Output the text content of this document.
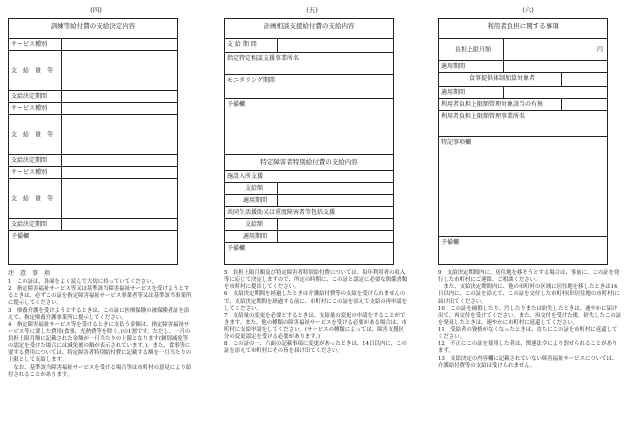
(四)	(五)	(六)
訓練等給付費の支給決定内容
サービス種別
支　給　量　等
支給決定期間
サービス種別
支　給　量　等
支給決定期間
サービス種別
支　給　量　等
支給決定期間
予備欄
計画相談支援給付費の支給内容
支 給 期 間
指定特定相談支援事業所名
モニタリング期間
予備欄
特定障害者特別給付費の支給内容
施設入所支援
支給額
適用期間
共同生活援助又は重度障害者等包括支援
支給額
適用期間
予備欄
利用者負担に関する事項
負担上限月額	円
適用期間
食事提供体制加算対象者
適用期間
利用者負担上限額管理対象該当の有無
利用者負担上限額管理事業所名
特記事項欄
予備欄
注　意　事　項

1　この証は、各面をよく読んで大切に持っていてください。

2　指定障害福祉サービス等又は基準該当障害福祉サービスを受けようとするときは、必ずこの証を指定障害福祉サービス事業者等又は基準該当事業所に提示してください。

3　療養介護を受けようとするときは、この証に医療保険の被保険者証を添えて、指定療養介護事業所に提示してください。

4　指定障害福祉サービス等を受けるときに支払う金額は、指定障害福祉サービス等に要した費用(食事、光熱費等を除く。)の1割です。ただし、一月の負担上限月額に記載された金額が一月当たりの上限となります(個別減免等の認定を受けた場合には減免後の額が表示されています。)。また、食事等に要する費用については、特定障害者特別給付費に記載する額を一月当たりの上限として支給します。

　なお、基準該当障害福祉サービスを受ける場合等は市町村の意見により給付されることがあります。

5　負担上限月額及び特定障害者特別給付費については、毎年利用者の収入等に応じて決定しますので、所定の時期に、この証と認定に必要な関係書類を市町村に提出してください。

6　支給決定期間を経過したときは介護給付費等の支給を受けられませんので、支給決定期間を経過する前に、市町村にこの証を添えて支給の再申請をしてください。

7　支給量の変更を必要とするときは、支給量の変更の申請をすることができます。また、他の種類の障害福祉サービスを受ける必要がある場合は、市町村に支給申請をしてください。(サービスの種類によっては、障害支援区分の変更認定を受ける必要があります。)

8　この証の一、六面の記載事項に変更があったときは、14日以内に、この証を添えて市町村にその旨を届け出てください。

9　支給決定期間内に、居住地を移そうとする場合は、事前に、この証を発行した市町村にご連絡、ご相談ください。

　また、支給決定期間内に、他の市町村の区域に居住地を移したときは14日以内に、この証を添えて、この証を交付した市町村(旧居住地の市町村)に届け出てください。

10　この証を破損したり、汚したりまたは紛失したときは、速やかに届け出て、再交付を受けてください。また、再交付を受けた後、紛失したこの証を発見したときは、速やかに市町村に返還してください。

11　受給者の資格がなくなったときは、直ちにこの証を市町村に返還してください。

12　不正にこの証を使用した者は、関連法令により罰せられることがあります。

13　支給決定の内容欄に記載されていない障害福祉サービスについては、介護給付費等の支給は受けられません。
